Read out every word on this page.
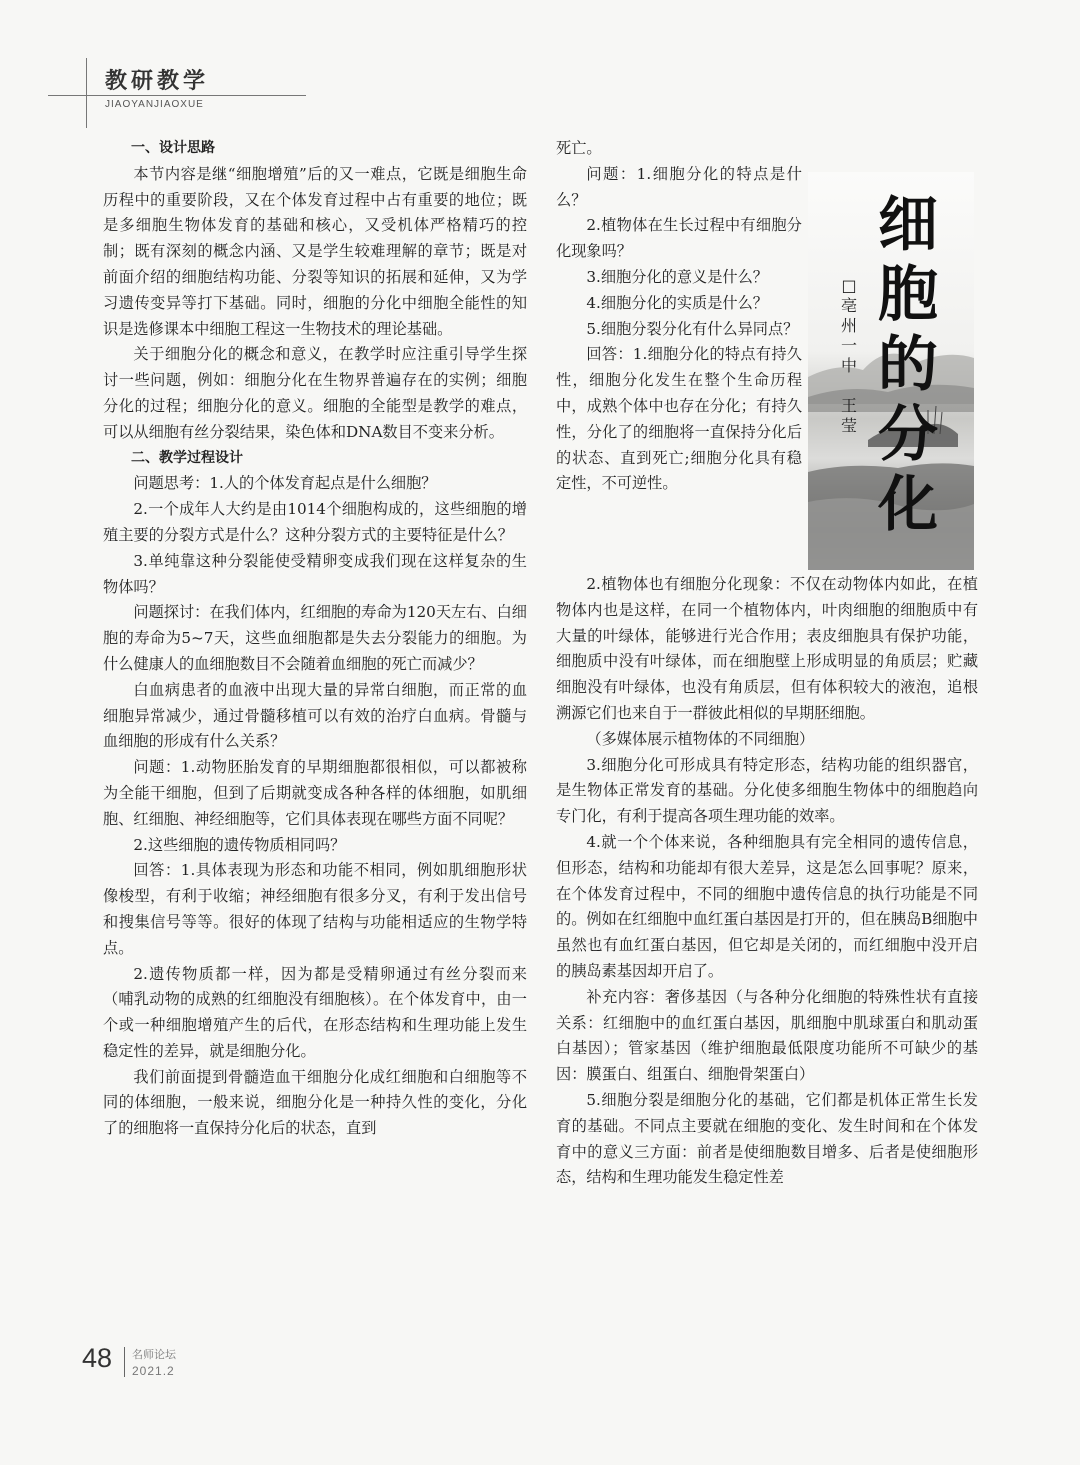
教研教学
JIAOYANJIAOXUE

一、设计思路

本节内容是继“细胞增殖”后的又一难点，它既是细胞生命历程中的重要阶段，又在个体发育过程中占有重要的地位；既是多细胞生物体发育的基础和核心，又受机体严格精巧的控制；既有深刻的概念内涵、又是学生较难理解的章节；既是对前面介绍的细胞结构功能、分裂等知识的拓展和延伸，又为学习遗传变异等打下基础。同时，细胞的分化中细胞全能性的知识是选修课本中细胞工程这一生物技术的理论基础。

关于细胞分化的概念和意义，在教学时应注重引导学生探讨一些问题，例如：细胞分化在生物界普遍存在的实例；细胞分化的过程；细胞分化的意义。细胞的全能型是教学的难点，可以从细胞有丝分裂结果，染色体和DNA数目不变来分析。

二、教学过程设计

问题思考：1.人的个体发育起点是什么细胞？

2.一个成年人大约是由1014个细胞构成的，这些细胞的增殖主要的分裂方式是什么？这种分裂方式的主要特征是什么？

3.单纯靠这种分裂能使受精卵变成我们现在这样复杂的生物体吗？

问题探讨：在我们体内，红细胞的寿命为120天左右、白细胞的寿命为5~7天，这些血细胞都是失去分裂能力的细胞。为什么健康人的血细胞数目不会随着血细胞的死亡而减少？

白血病患者的血液中出现大量的异常白细胞，而正常的血细胞异常减少，通过骨髓移植可以有效的治疗白血病。骨髓与血细胞的形成有什么关系？

问题：1.动物胚胎发育的早期细胞都很相似，可以都被称为全能干细胞，但到了后期就变成各种各样的体细胞，如肌细胞、红细胞、神经细胞等，它们具体表现在哪些方面不同呢？

2.这些细胞的遗传物质相同吗？

回答：1.具体表现为形态和功能不相同，例如肌细胞形状像梭型，有利于收缩；神经细胞有很多分叉，有利于发出信号和搜集信号等等。很好的体现了结构与功能相适应的生物学特点。

2.遗传物质都一样，因为都是受精卵通过有丝分裂而来（哺乳动物的成熟的红细胞没有细胞核）。在个体发育中，由一个或一种细胞增殖产生的后代，在形态结构和生理功能上发生稳定性的差异，就是细胞分化。

我们前面提到骨髓造血干细胞分化成红细胞和白细胞等不同的体细胞，一般来说，细胞分化是一种持久性的变化，分化了的细胞将一直保持分化后的状态，直到

死亡。

问题：1.细胞分化的特点是什么？

2.植物体在生长过程中有细胞分化现象吗？

3.细胞分化的意义是什么？

4.细胞分化的实质是什么？

5.细胞分裂分化有什么异同点？

回答：1.细胞分化的特点有持久性，细胞分化发生在整个生命历程中，成熟个体中也存在分化；有持久性，分化了的细胞将一直保持分化后的状态、直到死亡;细胞分化具有稳定性，不可逆性。

细
胞
的
分
化
□
亳
州
一
中

王
莹

2.植物体也有细胞分化现象：不仅在动物体内如此，在植物体内也是这样，在同一个植物体内，叶肉细胞的细胞质中有大量的叶绿体，能够进行光合作用；表皮细胞具有保护功能，细胞质中没有叶绿体，而在细胞壁上形成明显的角质层；贮藏细胞没有叶绿体，也没有角质层，但有体积较大的液泡，追根溯源它们也来自于一群彼此相似的早期胚细胞。

（多媒体展示植物体的不同细胞）

3.细胞分化可形成具有特定形态，结构功能的组织器官，是生物体正常发育的基础。分化使多细胞生物体中的细胞趋向专门化，有利于提高各项生理功能的效率。

4.就一个个体来说，各种细胞具有完全相同的遗传信息，但形态，结构和功能却有很大差异，这是怎么回事呢？原来，在个体发育过程中，不同的细胞中遗传信息的执行功能是不同的。例如在红细胞中血红蛋白基因是打开的，但在胰岛B细胞中虽然也有血红蛋白基因，但它却是关闭的，而红细胞中没开启的胰岛素基因却开启了。

补充内容：奢侈基因（与各种分化细胞的特殊性状有直接关系：红细胞中的血红蛋白基因，肌细胞中肌球蛋白和肌动蛋白基因）；管家基因（维护细胞最低限度功能所不可缺少的基因：膜蛋白、组蛋白、细胞骨架蛋白）

5.细胞分裂是细胞分化的基础，它们都是机体正常生长发育的基础。不同点主要就在细胞的变化、发生时间和在个体发育中的意义三方面：前者是使细胞数目增多、后者是使细胞形态，结构和生理功能发生稳定性差

48 名师论坛
2021.2
